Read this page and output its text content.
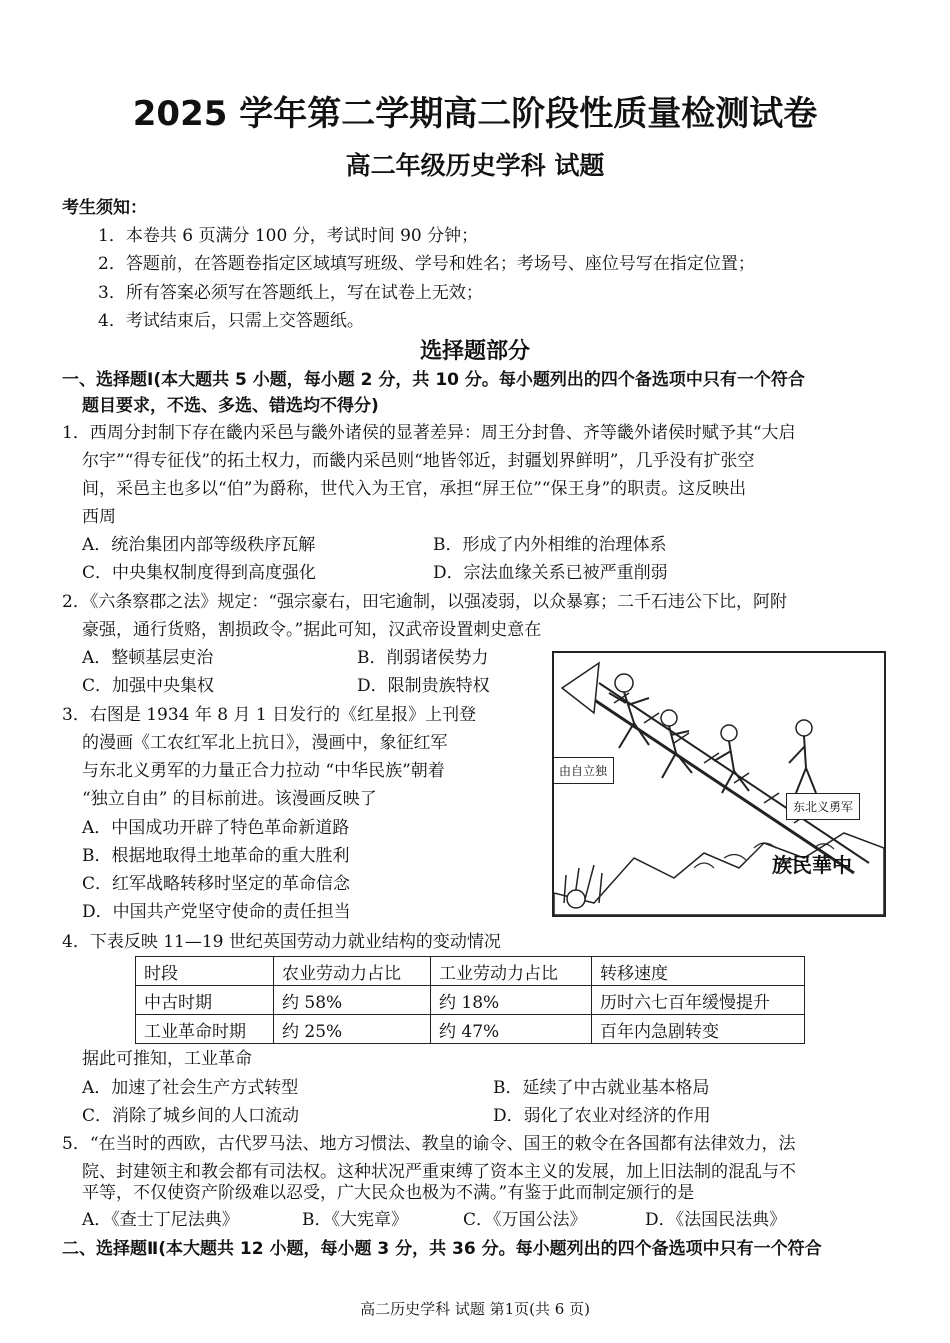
2025 学年第二学期高二阶段性质量检测试卷
高二年级历史学科 试题
考生须知：
1．本卷共 6 页满分 100 分，考试时间 90 分钟；
2．答题前，在答题卷指定区域填写班级、学号和姓名；考场号、座位号写在指定位置；
3．所有答案必须写在答题纸上，写在试卷上无效；
4．考试结束后，只需上交答题纸。
选择题部分
一、选择题Ⅰ(本大题共 5 小题，每小题 2 分，共 10 分。每小题列出的四个备选项中只有一个符合
题目要求，不选、多选、错选均不得分)
1．西周分封制下存在畿内采邑与畿外诸侯的显著差异：周王分封鲁、齐等畿外诸侯时赋予其“大启
尔宇”“得专征伐”的拓土权力，而畿内采邑则“地皆邻近，封疆划界鲜明”，几乎没有扩张空
间，采邑主也多以“伯”为爵称，世代入为王官，承担“屏王位”“保王身”的职责。这反映出
西周
A．统治集团内部等级秩序瓦解	B．形成了内外相维的治理体系
C．中央集权制度得到高度强化	D．宗法血缘关系已被严重削弱
2．《六条察郡之法》规定：“强宗豪右，田宅逾制，以强凌弱，以众暴寡；二千石违公下比，阿附
豪强，通行货赂，割损政令。”据此可知，汉武帝设置刺史意在
A．整顿基层吏治	B．削弱诸侯势力
C．加强中央集权	D．限制贵族特权
3．右图是 1934 年 8 月 1 日发行的《红星报》上刊登
的漫画《工农红军北上抗日》，漫画中，象征红军
与东北义勇军的力量正合力拉动 “中华民族”朝着
“独立自由” 的目标前进。该漫画反映了
A．中国成功开辟了特色革命新道路
B．根据地取得土地革命的重大胜利
C．红军战略转移时坚定的革命信念
D．中国共产党坚守使命的责任担当
由自立独
东北义勇军
族民華中
4．下表反映 11—19 世纪英国劳动力就业结构的变动情况
时段	农业劳动力占比	工业劳动力占比	转移速度
中古时期	约 58%	约 18%	历时六七百年缓慢提升
工业革命时期	约 25%	约 47%	百年内急剧转变
据此可推知，工业革命
A．加速了社会生产方式转型	B．延续了中古就业基本格局
C．消除了城乡间的人口流动	D．弱化了农业对经济的作用
5．“在当时的西欧，古代罗马法、地方习惯法、教皇的谕令、国王的敕令在各国都有法律效力，法
院、封建领主和教会都有司法权。这种状况严重束缚了资本主义的发展，加上旧法制的混乱与不
平等，不仅使资产阶级难以忍受，广大民众也极为不满。”有鉴于此而制定颁行的是
A．《查士丁尼法典》	B．《大宪章》	C．《万国公法》	D．《法国民法典》
二、选择题Ⅱ(本大题共 12 小题，每小题 3 分，共 36 分。每小题列出的四个备选项中只有一个符合
高二历史学科 试题 第1页(共 6 页)
